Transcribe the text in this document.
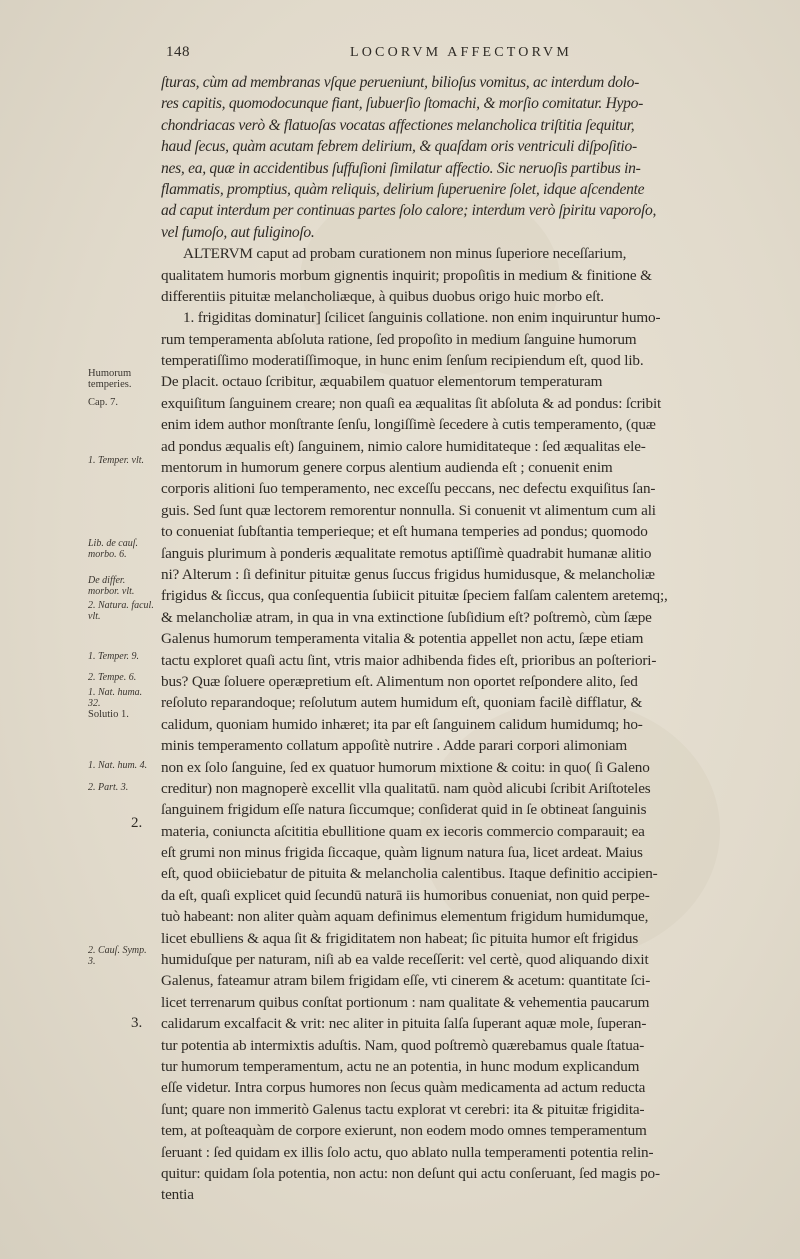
148	LOCORVM AFFECTORVM
ſturas, cùm ad membranas vſque perueniunt, bilioſus vomitus, ac interdum dolo-
res capitis, quomodocunque fiant, ſubuerſio ſtomachi, & morſio comitatur. Hypo-
chondriacas verò & flatuoſas vocatas affectiones melancholica triſtitia ſequitur,
haud ſecus, quàm acutam febrem delirium, & quaſdam oris ventriculi diſpoſitio-
nes, ea, quæ in accidentibus ſuffuſioni ſimilatur affectio. Sic neruoſis partibus in-
flammatis, promptius, quàm reliquis, delirium ſuperuenire ſolet, idque aſcendente
ad caput interdum per continuas partes ſolo calore; interdum verò ſpiritu vaporoſo,
vel fumoſo, aut fuliginoſo.
ALTERVM caput ad probam curationem non minus ſuperiore neceſſarium,
qualitatem humoris morbum gignentis inquirit; propoſitis in medium & finitione &
differentiis pituitæ melancholiæque, à quibus duobus origo huic morbo eſt.
1. frigiditas dominatur] ſcilicet ſanguinis collatione. non enim inquiruntur humo-
rum temperamenta abſoluta ratione, ſed propoſito in medium ſanguine humorum
temperatiſſimo moderatiſſimoque, in hunc enim ſenſum recipiendum eſt, quod lib.
De placit. octauo ſcribitur, æquabilem quatuor elementorum temperaturam
exquiſitum ſanguinem creare; non quaſi ea æqualitas ſit abſoluta & ad pondus: ſcribit
enim idem author monſtrante ſenſu, longiſſimè ſecedere à cutis temperamento, (quæ
ad pondus æqualis eſt) ſanguinem, nimio calore humiditateque : ſed æqualitas ele-
mentorum in humorum genere corpus alentium audienda eſt ; conuenit enim
corporis alitioni ſuo temperamento, nec exceſſu peccans, nec defectu exquiſitus ſan-
guis. Sed ſunt quæ lectorem remorentur nonnulla. Si conuenit vt alimentum cum ali
to conueniat ſubſtantia temperieque; et eſt humana temperies ad pondus; quomodo
ſanguis plurimum à ponderis æqualitate remotus aptiſſimè quadrabit humanæ alitio
ni? Alterum : ſi definitur pituitæ genus ſuccus frigidus humidusque, & melancholiæ
frigidus & ſiccus, qua conſequentia ſubiicit pituitæ ſpeciem falſam calentem aretemq;,
& melancholiæ atram, in qua in vna extinctione ſubſidium eſt? poſtremò, cùm ſæpe
Galenus humorum temperamenta vitalia & potentia appellet non actu, ſæpe etiam
tactu exploret quaſi actu ſint, vtris maior adhibenda fides eſt, prioribus an poſteriori-
bus? Quæ ſoluere operæpretium eſt. Alimentum non oportet reſpondere alito, ſed
reſoluto reparandoque; reſolutum autem humidum eſt, quoniam facilè difflatur, &
calidum, quoniam humido inhæret; ita par eſt ſanguinem calidum humidumq; ho-
minis temperamento collatum appoſitè nutrire . Adde parari corpori alimoniam
non ex ſolo ſanguine, ſed ex quatuor humorum mixtione & coitu: in quo( ſi Galeno
creditur) non magnoperè excellit vlla qualitatū. nam quòd alicubi ſcribit Ariſtoteles
ſanguinem frigidum eſſe natura ſiccumque; conſiderat quid in ſe obtineat ſanguinis
materia, coniuncta aſcititia ebullitione quam ex iecoris commercio comparauit; ea
eſt grumi non minus frigida ſiccaque, quàm lignum natura ſua, licet ardeat. Maius
eſt, quod obiiciebatur de pituita & melancholia calentibus. Itaque definitio accipien-
da eſt, quaſi explicet quid ſecundū naturā iis humoribus conueniat, non quid perpe-
tuò habeant: non aliter quàm aquam definimus elementum frigidum humidumque,
licet ebulliens & aqua ſit & frigiditatem non habeat; ſic pituita humor eſt frigidus
humiduſque per naturam, niſi ab ea valde receſſerit: vel certè, quod aliquando dixit
Galenus, fateamur atram bilem frigidam eſſe, vti cinerem & acetum: quantitate ſci-
licet terrenarum quibus conſtat portionum : nam qualitate & vehementia paucarum
calidarum excalfacit & vrit: nec aliter in pituita ſalſa ſuperant aquæ mole, ſuperan-
tur potentia ab intermixtis aduſtis. Nam, quod poſtremò quærebamus quale ſtatua-
tur humorum temperamentum, actu ne an potentia, in hunc modum explicandum
eſſe videtur. Intra corpus humores non ſecus quàm medicamenta ad actum reducta
ſunt; quare non immeritò Galenus tactu explorat vt cerebri: ita & pituitæ frigidita-
tem, at poſteaquàm de corpore exierunt, non eodem modo omnes temperamentum
ſeruant : ſed quidam ex illis ſolo actu, quo ablato nulla temperamenti potentia relin-
quitur: quidam ſola potentia, non actu: non deſunt qui actu conſeruant, ſed magis po-
tentia
Humorum temperies.
Cap. 7.
1. Temper. vlt.
Lib. de cauſ. morbo. 6.
De differ. morbor. vlt.
2. Natura. facul. vlt.
1. Temper. 9.
2. Tempe. 6.
1. Nat. huma. 32.
Solutio 1.
1. Nat. hum. 4.
2. Part. 3.
2. Cauſ. Symp. 3.
2.
3.
